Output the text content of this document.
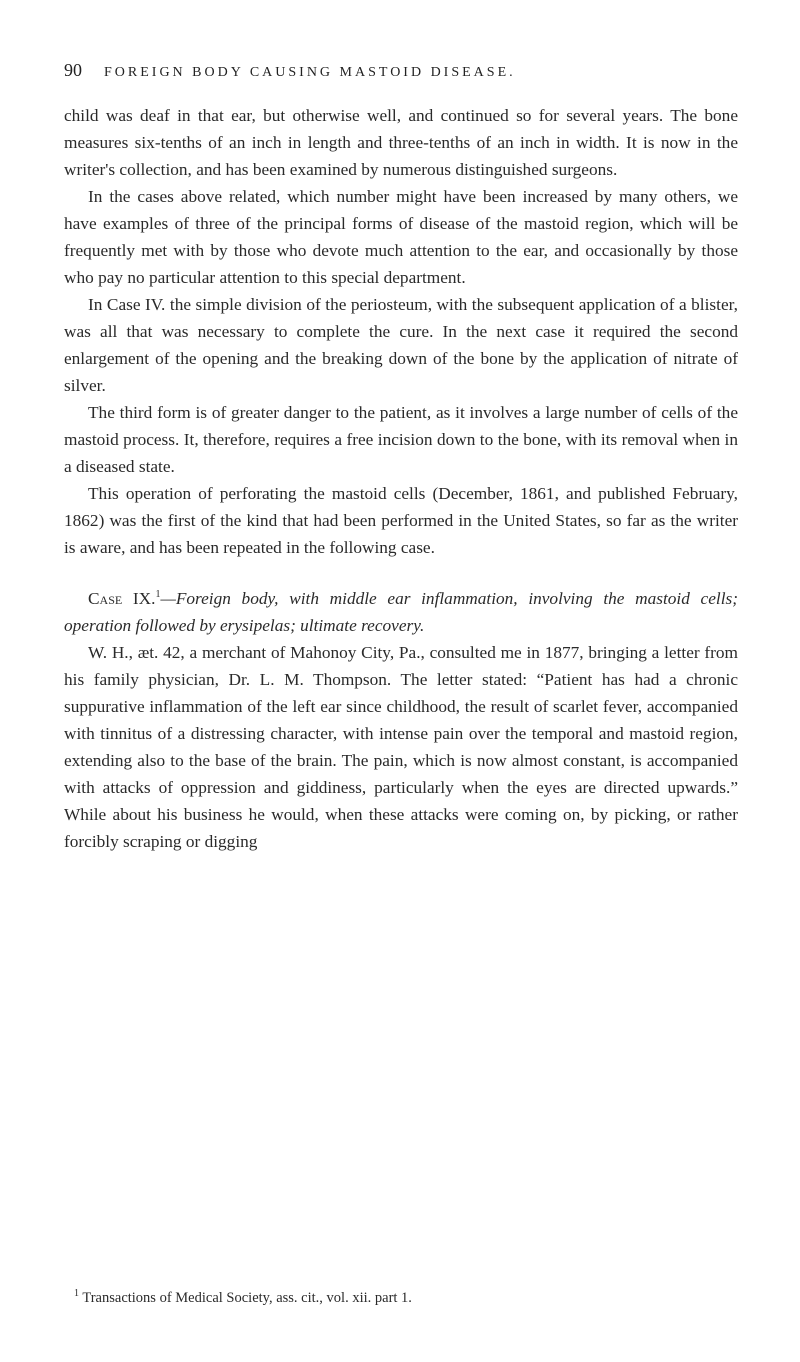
90 FOREIGN BODY CAUSING MASTOID DISEASE.

child was deaf in that ear, but otherwise well, and continued so for several years. The bone measures six-tenths of an inch in length and three-tenths of an inch in width. It is now in the writer's collection, and has been examined by numerous distinguished surgeons.

In the cases above related, which number might have been increased by many others, we have examples of three of the principal forms of disease of the mastoid region, which will be frequently met with by those who devote much attention to the ear, and occasionally by those who pay no particular attention to this special department.

In Case IV. the simple division of the periosteum, with the subsequent application of a blister, was all that was necessary to complete the cure. In the next case it required the second enlargement of the opening and the breaking down of the bone by the application of nitrate of silver.

The third form is of greater danger to the patient, as it involves a large number of cells of the mastoid process. It, therefore, requires a free incision down to the bone, with its removal when in a diseased state.

This operation of perforating the mastoid cells (December, 1861, and published February, 1862) was the first of the kind that had been performed in the United States, so far as the writer is aware, and has been repeated in the following case.

Case IX.$^1$—Foreign body, with middle ear inflammation, involving the mastoid cells; operation followed by erysipelas; ultimate recovery.

W. H., æt. 42, a merchant of Mahonoy City, Pa., consulted me in 1877, bringing a letter from his family physician, Dr. L. M. Thompson. The letter stated: “Patient has had a chronic suppurative inflammation of the left ear since childhood, the result of scarlet fever, accompanied with tinnitus of a distressing character, with intense pain over the temporal and mastoid region, extending also to the base of the brain. The pain, which is now almost constant, is accompanied with attacks of oppression and giddiness, particularly when the eyes are directed upwards.” While about his business he would, when these attacks were coming on, by picking, or rather forcibly scraping or digging

$^1$ Transactions of Medical Society, ass. cit., vol. xii. part 1.
